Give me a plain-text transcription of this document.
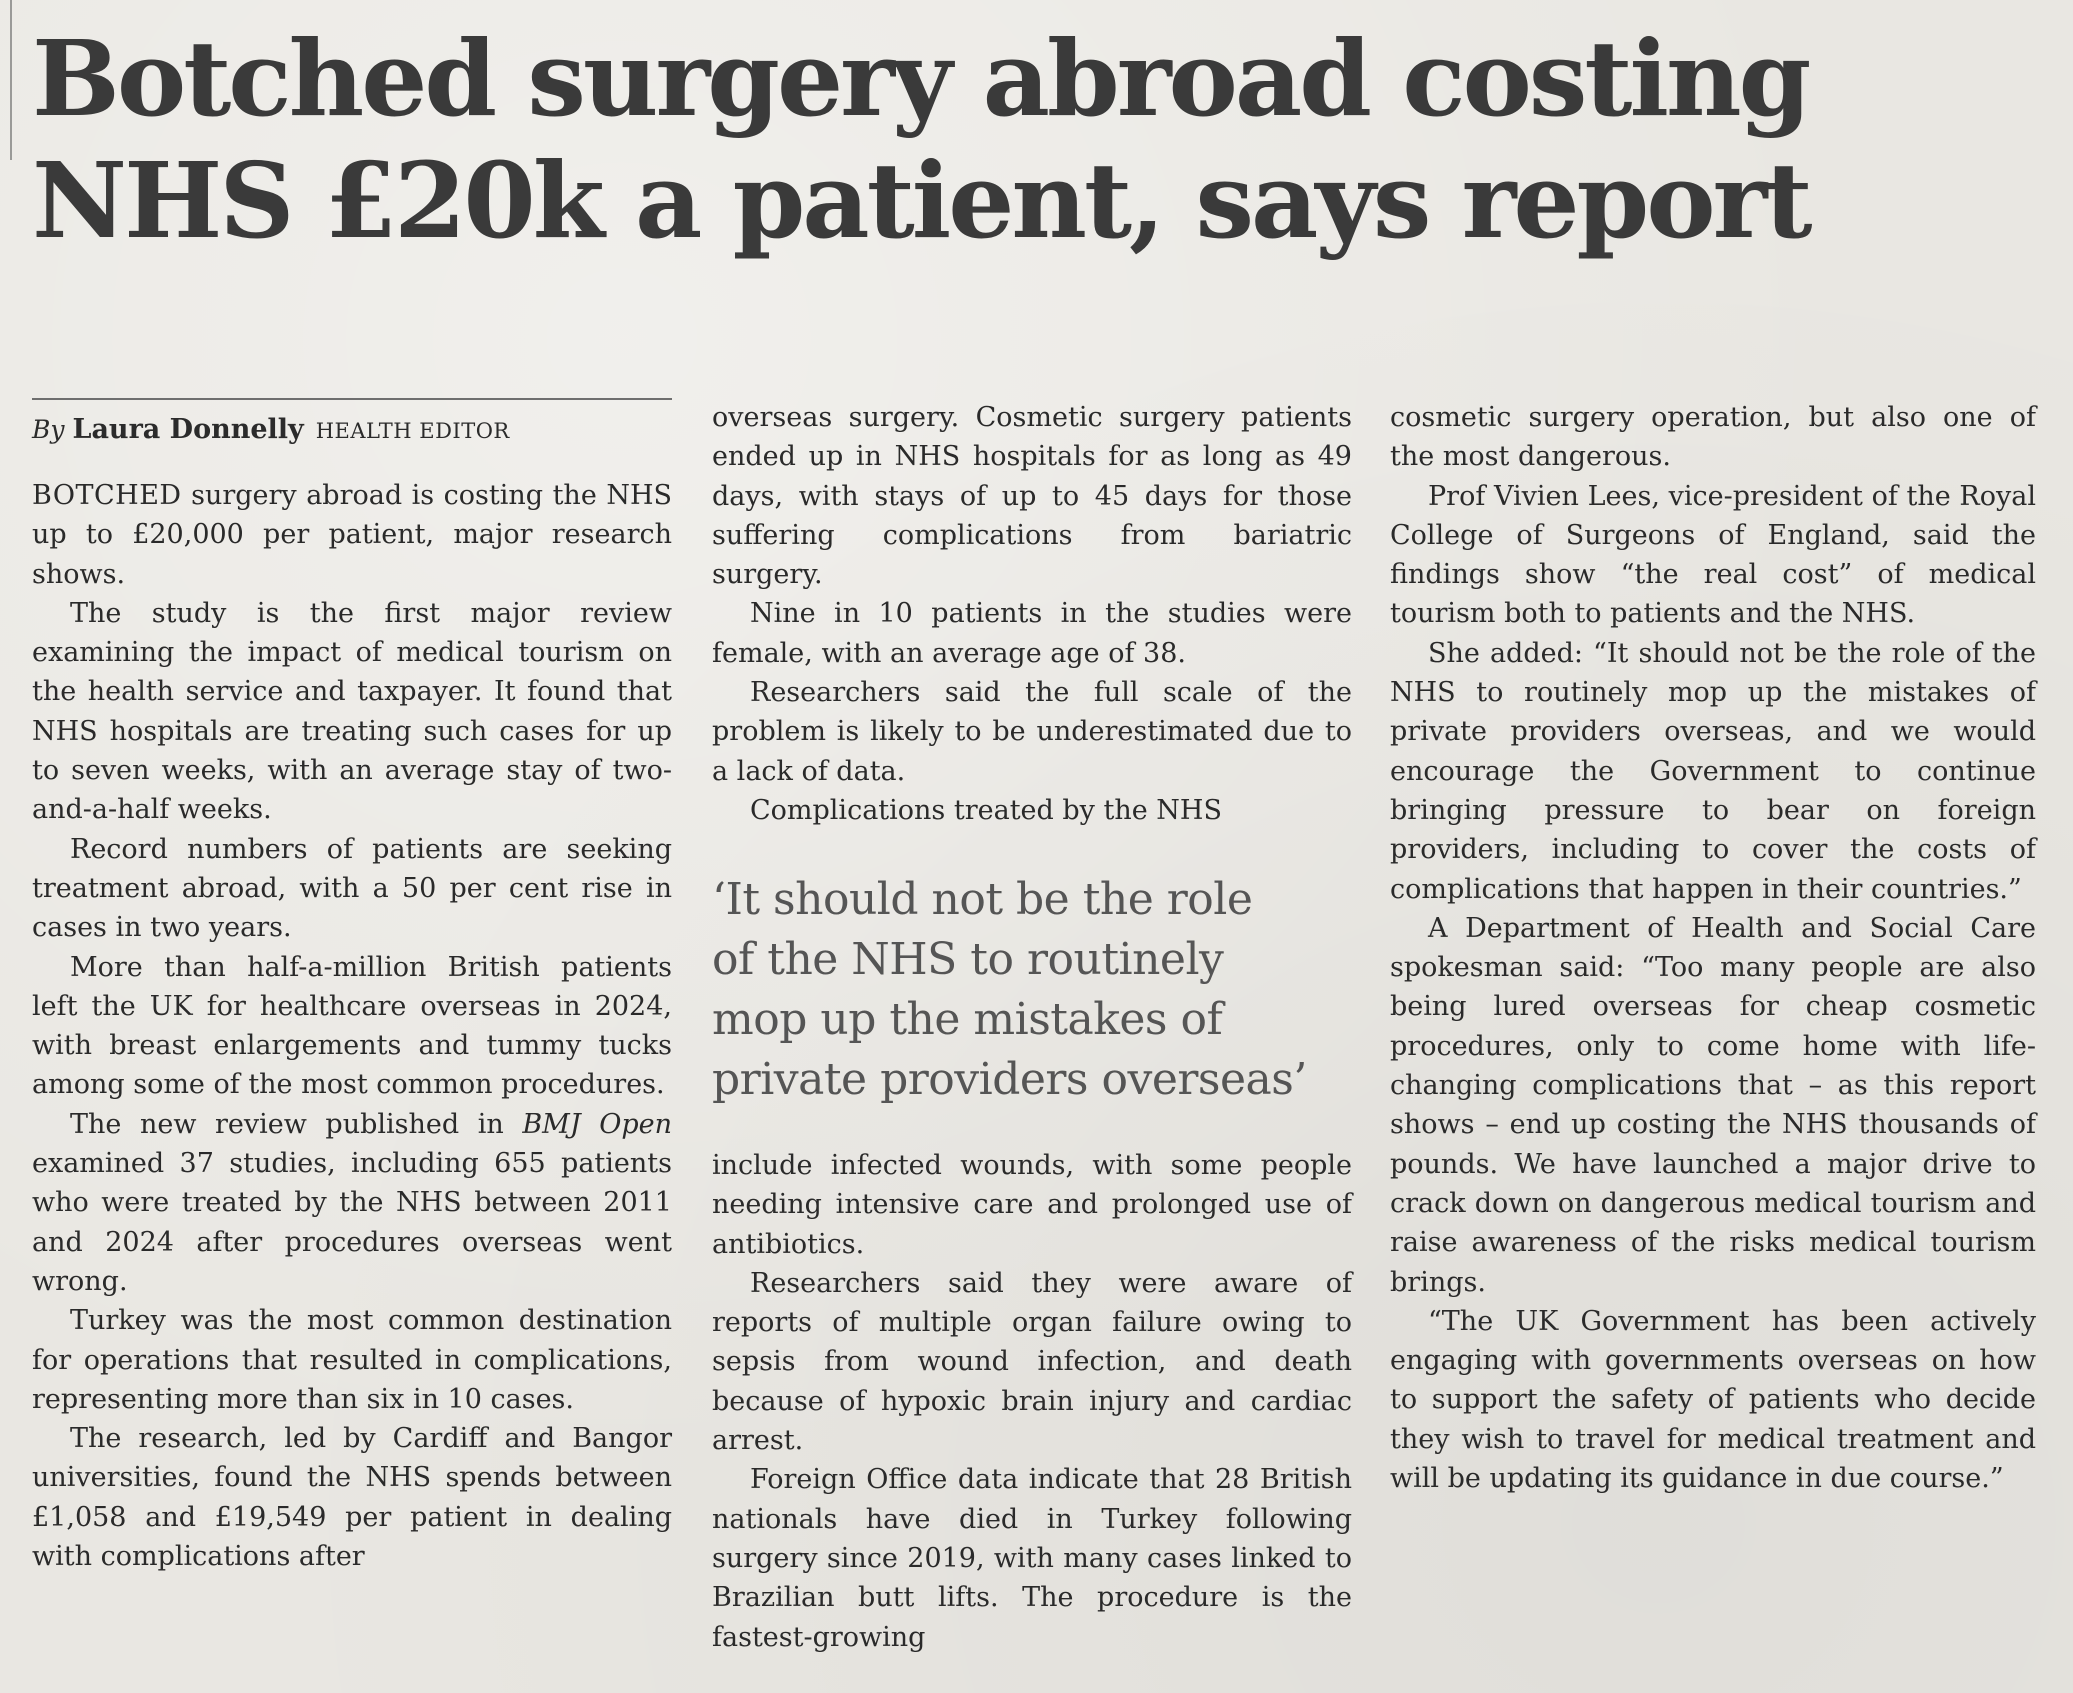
Botched surgery abroad costing
NHS £20k a patient, says report
By Laura Donnelly HEALTH EDITOR

BOTCHED surgery abroad is costing the NHS up to £20,000 per patient, major research shows.

The study is the first major review examining the impact of medical tourism on the health service and taxpayer. It found that NHS hospitals are treating such cases for up to seven weeks, with an average stay of two-and-a-half weeks.

Record numbers of patients are seeking treatment abroad, with a 50 per cent rise in cases in two years.

More than half-a-million British patients left the UK for healthcare overseas in 2024, with breast enlargements and tummy tucks among some of the most common procedures.

The new review published in BMJ Open examined 37 studies, including 655 patients who were treated by the NHS between 2011 and 2024 after procedures overseas went wrong.

Turkey was the most common destination for operations that resulted in complications, representing more than six in 10 cases.

The research, led by Cardiff and Bangor universities, found the NHS spends between £1,058 and £19,549 per patient in dealing with complications after

overseas surgery. Cosmetic surgery patients ended up in NHS hospitals for as long as 49 days, with stays of up to 45 days for those suffering complications from bariatric surgery.

Nine in 10 patients in the studies were female, with an average age of 38.

Researchers said the full scale of the problem is likely to be underestimated due to a lack of data.

Complications treated by the NHS

‘It should not be the role
of the NHS to routinely
mop up the mistakes of
private providers overseas’

include infected wounds, with some people needing intensive care and prolonged use of antibiotics.

Researchers said they were aware of reports of multiple organ failure owing to sepsis from wound infection, and death because of hypoxic brain injury and cardiac arrest.

Foreign Office data indicate that 28 British nationals have died in Turkey following surgery since 2019, with many cases linked to Brazilian butt lifts. The procedure is the fastest-growing

cosmetic surgery operation, but also one of the most dangerous.

Prof Vivien Lees, vice-president of the Royal College of Surgeons of England, said the findings show “the real cost” of medical tourism both to patients and the NHS.

She added: “It should not be the role of the NHS to routinely mop up the mistakes of private providers overseas, and we would encourage the Government to continue bringing pressure to bear on foreign providers, including to cover the costs of complications that happen in their countries.”

A Department of Health and Social Care spokesman said: “Too many people are also being lured overseas for cheap cosmetic procedures, only to come home with life-changing complications that – as this report shows – end up costing the NHS thousands of pounds. We have launched a major drive to crack down on dangerous medical tourism and raise awareness of the risks medical tourism brings.

“The UK Government has been actively engaging with governments overseas on how to support the safety of patients who decide they wish to travel for medical treatment and will be updating its guidance in due course.”
